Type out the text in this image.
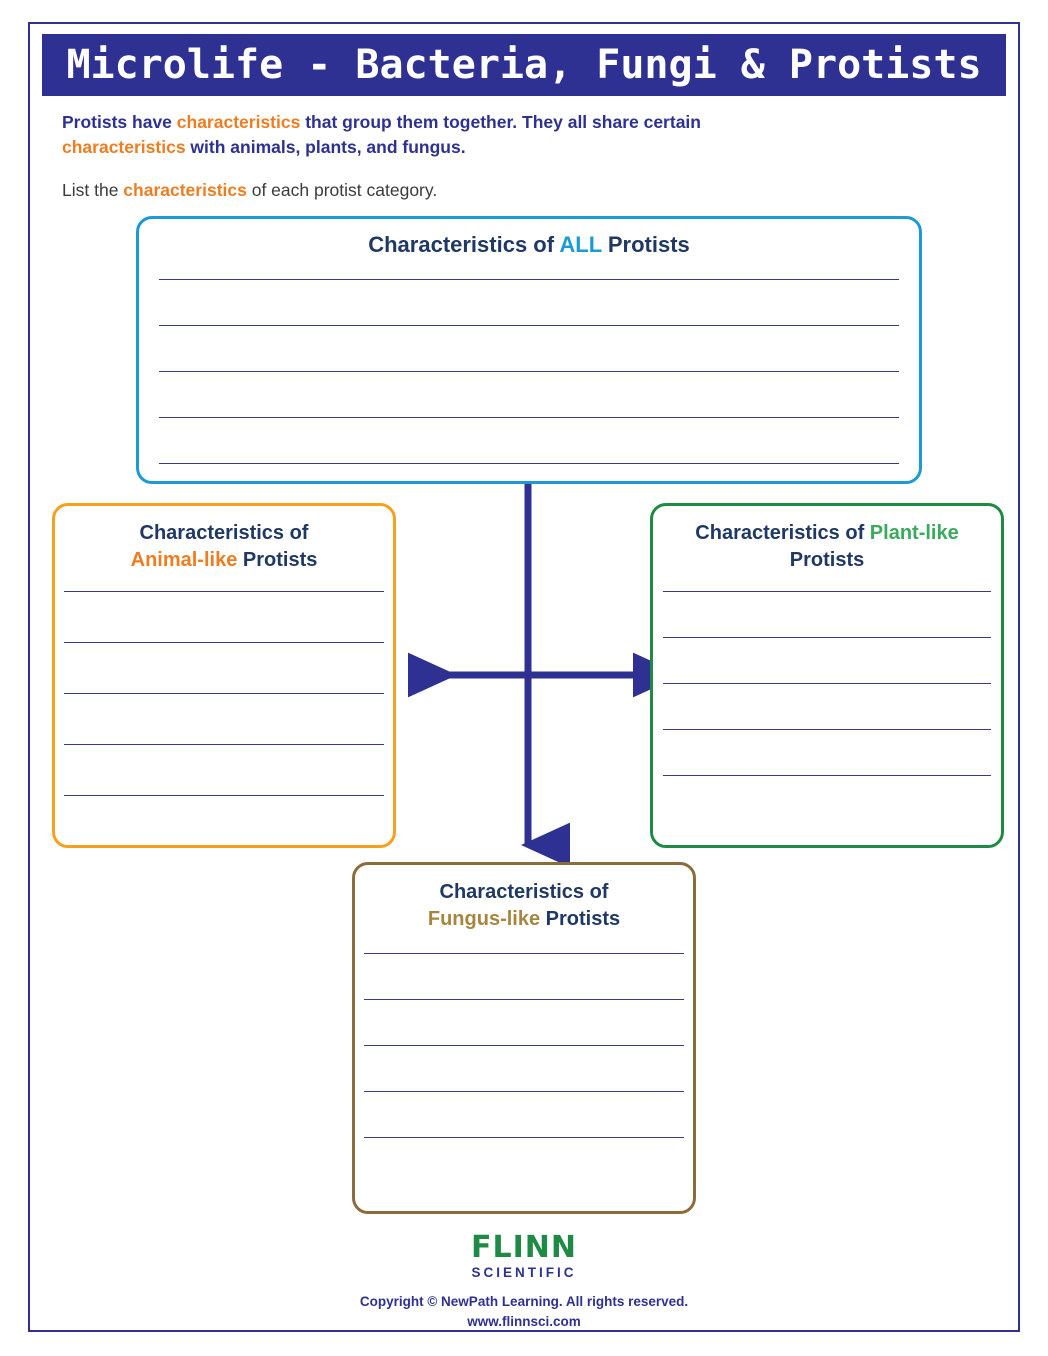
Microlife - Bacteria, Fungi & Protists
Protists have characteristics that group them together. They all share certain
characteristics with animals, plants, and fungus.
List the characteristics of each protist category.
Characteristics of ALL Protists
Characteristics of
Animal-like Protists
Characteristics of Plant-like
Protists
Characteristics of
Fungus-like Protists
FLINN
SCIENTIFIC
Copyright © NewPath Learning. All rights reserved.
www.flinnsci.com
